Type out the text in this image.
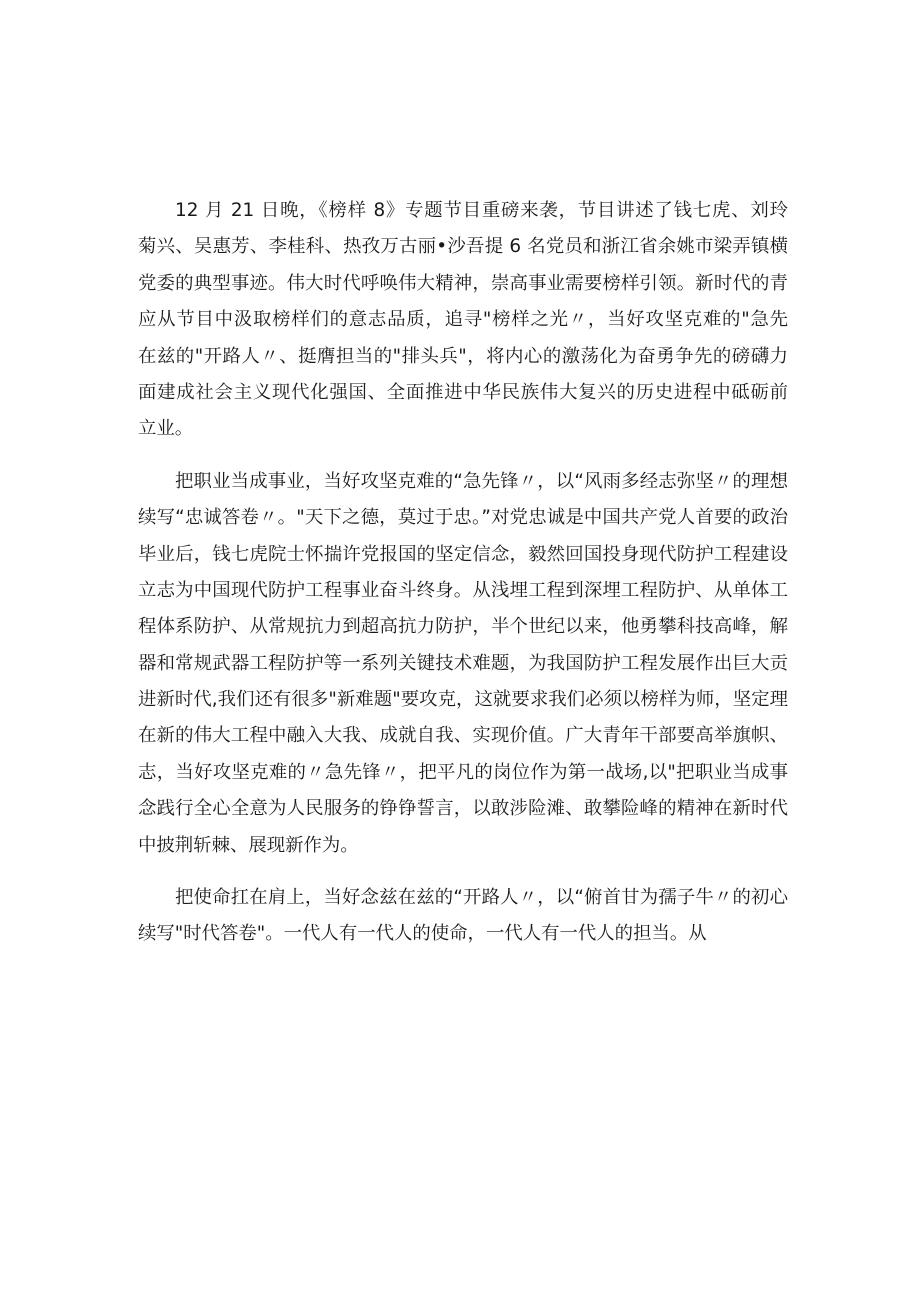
12 月 21 日晚，《榜样 8》专题节目重磅来袭，节目讲述了钱七虎、刘玲
菊兴、吴惠芳、李桂科、热孜万古丽•沙吾提 6 名党员和浙江省余姚市梁弄镇横
党委的典型事迹。伟大时代呼唤伟大精神，崇高事业需要榜样引领。新时代的青
应从节目中汲取榜样们的意志品质，追寻"榜样之光〃，当好攻坚克难的"急先
在兹的"开路人〃、挺膺担当的"排头兵"，将内心的激荡化为奋勇争先的磅礴力
面建成社会主义现代化强国、全面推进中华民族伟大复兴的历史进程中砥砺前
立业。
把职业当成事业，当好攻坚克难的“急先锋〃，以“风雨多经志弥坚〃的理想
续写“忠诚答卷〃。"天下之德，莫过于忠。”对党忠诚是中国共产党人首要的政治
毕业后，钱七虎院士怀揣许党报国的坚定信念，毅然回国投身现代防护工程建设
立志为中国现代防护工程事业奋斗终身。从浅埋工程到深埋工程防护、从单体工
程体系防护、从常规抗力到超高抗力防护，半个世纪以来，他勇攀科技高峰，解
器和常规武器工程防护等一系列关键技术难题，为我国防护工程发展作出巨大贡
进新时代,我们还有很多"新难题"要攻克，这就要求我们必须以榜样为师，坚定理
在新的伟大工程中融入大我、成就自我、实现价值。广大青年干部要高举旗帜、
志，当好攻坚克难的〃急先锋〃，把平凡的岗位作为第一战场,以"把职业当成事
念践行全心全意为人民服务的铮铮誓言，以敢涉险滩、敢攀险峰的精神在新时代
中披荆斩棘、展现新作为。
把使命扛在肩上，当好念兹在兹的“开路人〃，以“俯首甘为孺子牛〃的初心
续写"时代答卷"。一代人有一代人的使命，一代人有一代人的担当。从
